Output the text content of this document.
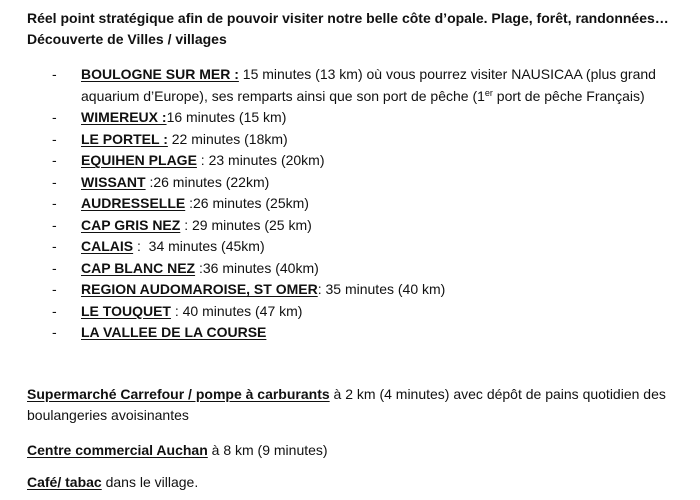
Réel point stratégique afin de pouvoir visiter notre belle côte d’opale. Plage, forêt, randonnées…

Découverte de Villes / villages

- BOULOGNE SUR MER : 15 minutes (13 km) où vous pourrez visiter NAUSICAA (plus grand aquarium d’Europe), ses remparts ainsi que son port de pêche (1er port de pêche Français)
- WIMEREUX :16 minutes (15 km)
- LE PORTEL : 22 minutes (18km)
- EQUIHEN PLAGE : 23 minutes (20km)
- WISSANT :26 minutes (22km)
- AUDRESSELLE :26 minutes (25km)
- CAP GRIS NEZ : 29 minutes (25 km)
- CALAIS :  34 minutes (45km)
- CAP BLANC NEZ :36 minutes (40km)
- REGION AUDOMAROISE, ST OMER: 35 minutes (40 km)
- LE TOUQUET : 40 minutes (47 km)
- LA VALLEE DE LA COURSE

Supermarché Carrefour / pompe à carburants à 2 km (4 minutes) avec dépôt de pains quotidien des boulangeries avoisinantes

Centre commercial Auchan à 8 km (9 minutes)

Café/ tabac dans le village.
